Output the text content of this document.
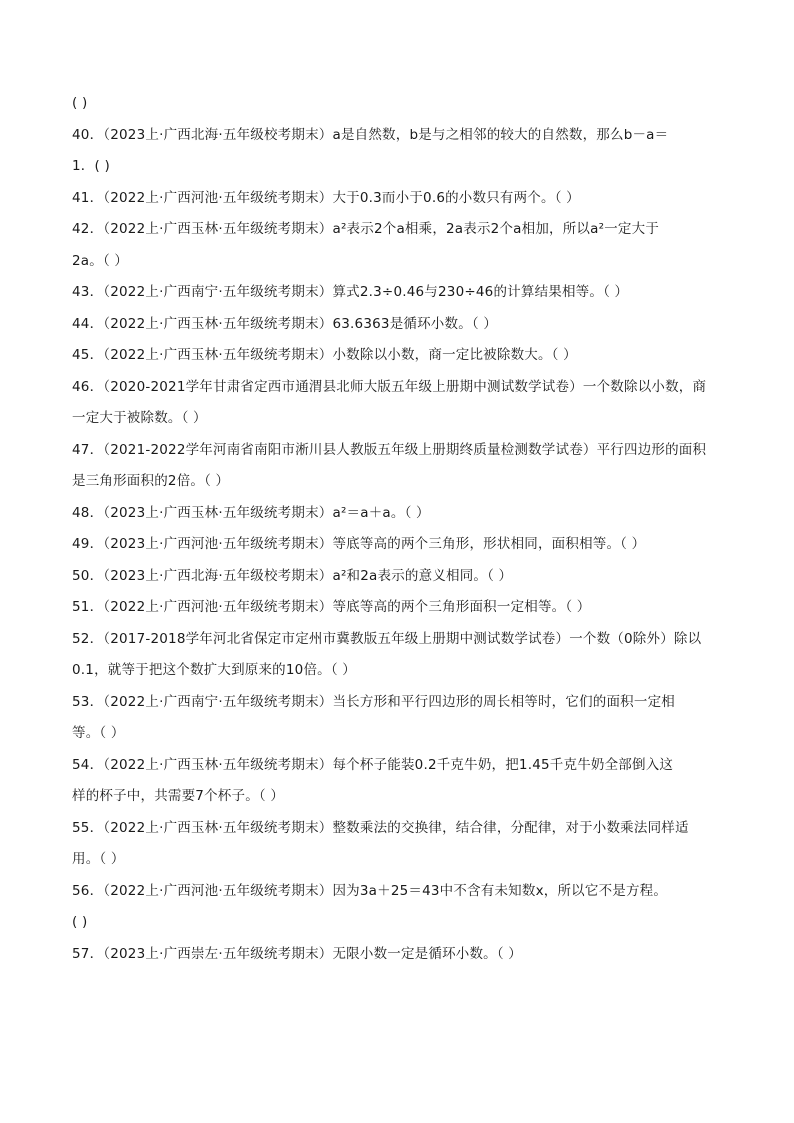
( )
40．（2023上·广西北海·五年级校考期末）a是自然数，b是与之相邻的较大的自然数，那么b－a＝
1．( )
41．（2022上·广西河池·五年级统考期末）大于0.3而小于0.6的小数只有两个。（ ）
42．（2022上·广西玉林·五年级统考期末）a²表示2个a相乘，2a表示2个a相加，所以a²一定大于
2a。（ ）
43．（2022上·广西南宁·五年级统考期末）算式2.3÷0.46与230÷46的计算结果相等。（ ）
44．（2022上·广西玉林·五年级统考期末）63.6363是循环小数。（ ）
45．（2022上·广西玉林·五年级统考期末）小数除以小数，商一定比被除数大。（ ）
46．（2020-2021学年甘肃省定西市通渭县北师大版五年级上册期中测试数学试卷）一个数除以小数，商
一定大于被除数。（ ）
47．（2021-2022学年河南省南阳市淅川县人教版五年级上册期终质量检测数学试卷）平行四边形的面积
是三角形面积的2倍。（ ）
48．（2023上·广西玉林·五年级统考期末）a²＝a＋a。（ ）
49．（2023上·广西河池·五年级统考期末）等底等高的两个三角形，形状相同，面积相等。（ ）
50．（2023上·广西北海·五年级校考期末）a²和2a表示的意义相同。（ ）
51．（2022上·广西河池·五年级统考期末）等底等高的两个三角形面积一定相等。（ ）
52．（2017-2018学年河北省保定市定州市冀教版五年级上册期中测试数学试卷）一个数（0除外）除以
0.1，就等于把这个数扩大到原来的10倍。（ ）
53．（2022上·广西南宁·五年级统考期末）当长方形和平行四边形的周长相等时，它们的面积一定相
等。（ ）
54．（2022上·广西玉林·五年级统考期末）每个杯子能装0.2千克牛奶，把1.45千克牛奶全部倒入这
样的杯子中，共需要7个杯子。（ ）
55．（2022上·广西玉林·五年级统考期末）整数乘法的交换律，结合律，分配律，对于小数乘法同样适
用。（ ）
56．（2022上·广西河池·五年级统考期末）因为3a＋25＝43中不含有未知数x，所以它不是方程。
( )
57．（2023上·广西崇左·五年级统考期末）无限小数一定是循环小数。（ ）
